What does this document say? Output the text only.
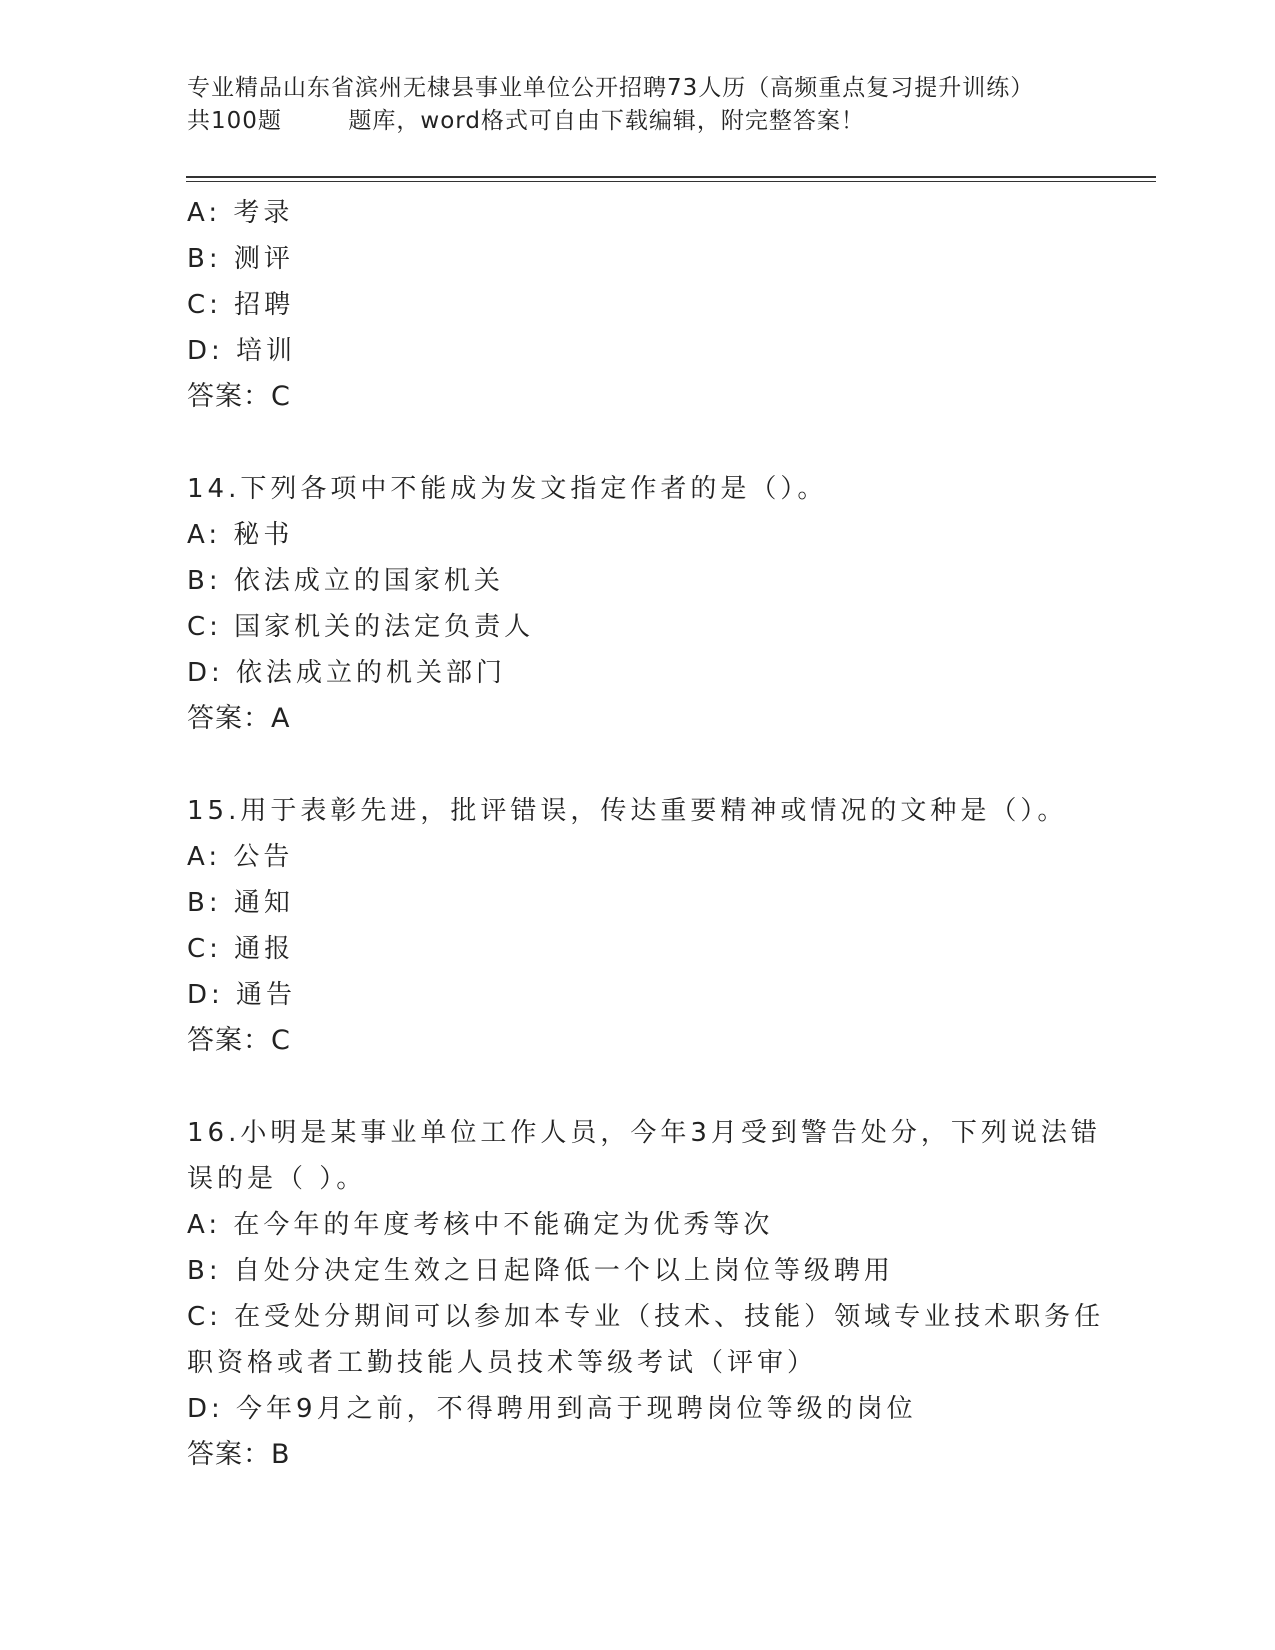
专业精品山东省滨州无棣县事业单位公开招聘73人历（高频重点复习提升训练）
共100题        题库，word格式可自由下载编辑，附完整答案！
A: 考录
B: 测评
C: 招聘
D: 培训
答案：C
14.下列各项中不能成为发文指定作者的是（）。
A: 秘书
B: 依法成立的国家机关
C: 国家机关的法定负责人
D: 依法成立的机关部门
答案：A
15.用于表彰先进，批评错误，传达重要精神或情况的文种是（）。
A: 公告
B: 通知
C: 通报
D: 通告
答案：C
16.小明是某事业单位工作人员，今年3月受到警告处分，下列说法错
误的是（ ）。
A: 在今年的年度考核中不能确定为优秀等次
B: 自处分决定生效之日起降低一个以上岗位等级聘用
C: 在受处分期间可以参加本专业（技术、技能）领域专业技术职务任
职资格或者工勤技能人员技术等级考试（评审）
D: 今年9月之前，不得聘用到高于现聘岗位等级的岗位
答案：B
